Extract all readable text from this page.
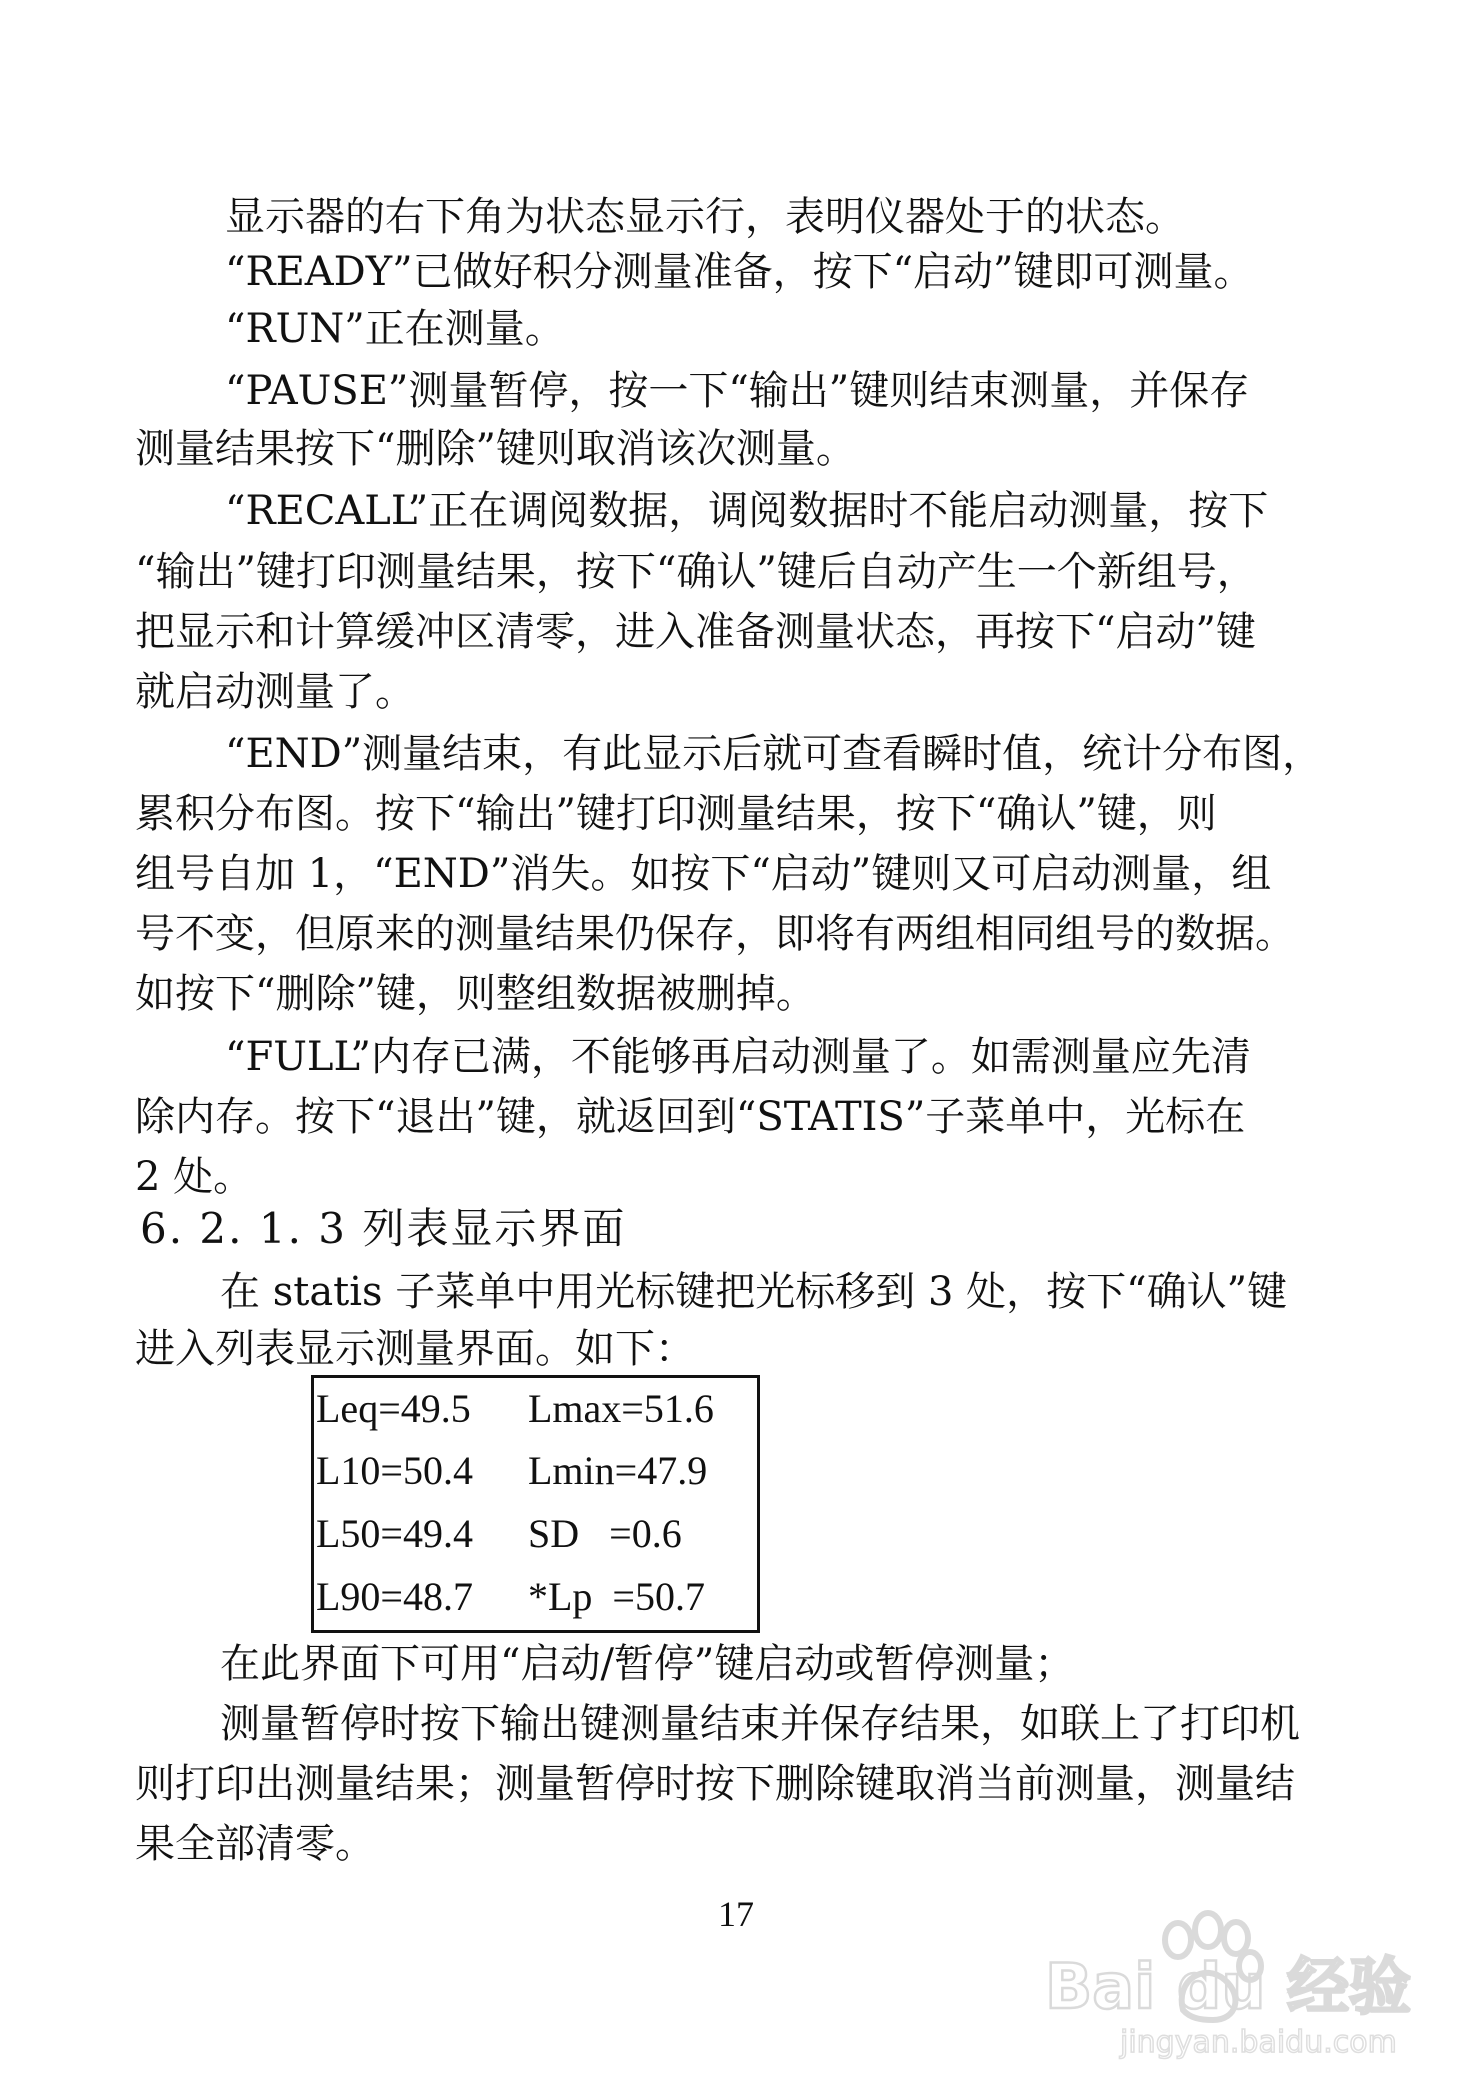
显示器的右下角为状态显示行，表明仪器处于的状态。

“READY”已做好积分测量准备，按下“启动”键即可测量。

“RUN”正在测量。

“PAUSE”测量暂停，按一下“输出”键则结束测量，并保存

测量结果按下“删除”键则取消该次测量。

“RECALL”正在调阅数据，调阅数据时不能启动测量，按下

“输出”键打印测量结果，按下“确认”键后自动产生一个新组号，

把显示和计算缓冲区清零，进入准备测量状态，再按下“启动”键

就启动测量了。

“END”测量结束，有此显示后就可查看瞬时值，统计分布图，

累积分布图。按下“输出”键打印测量结果，按下“确认”键，则

组号自加 1，“END”消失。如按下“启动”键则又可启动测量，组

号不变，但原来的测量结果仍保存，即将有两组相同组号的数据。

如按下“删除”键，则整组数据被删掉。

“FULL”内存已满，不能够再启动测量了。如需测量应先清

除内存。按下“退出”键，就返回到“STATIS”子菜单中，光标在

2 处。

6. 2. 1. 3 列表显示界面

在 statis 子菜单中用光标键把光标移到 3 处，按下“确认”键

进入列表显示测量界面。如下：

Leq=49.5 Lmax=51.6
L10=50.4 Lmin=47.9
L50=49.4 SD   =0.6
L90=48.7 *Lp  =50.7

在此界面下可用“启动/暂停”键启动或暂停测量；

测量暂停时按下输出键测量结束并保存结果，如联上了打印机

则打印出测量结果；测量暂停时按下删除键取消当前测量，测量结

果全部清零。

17
Bai du 经验
jingyan.baidu.com
